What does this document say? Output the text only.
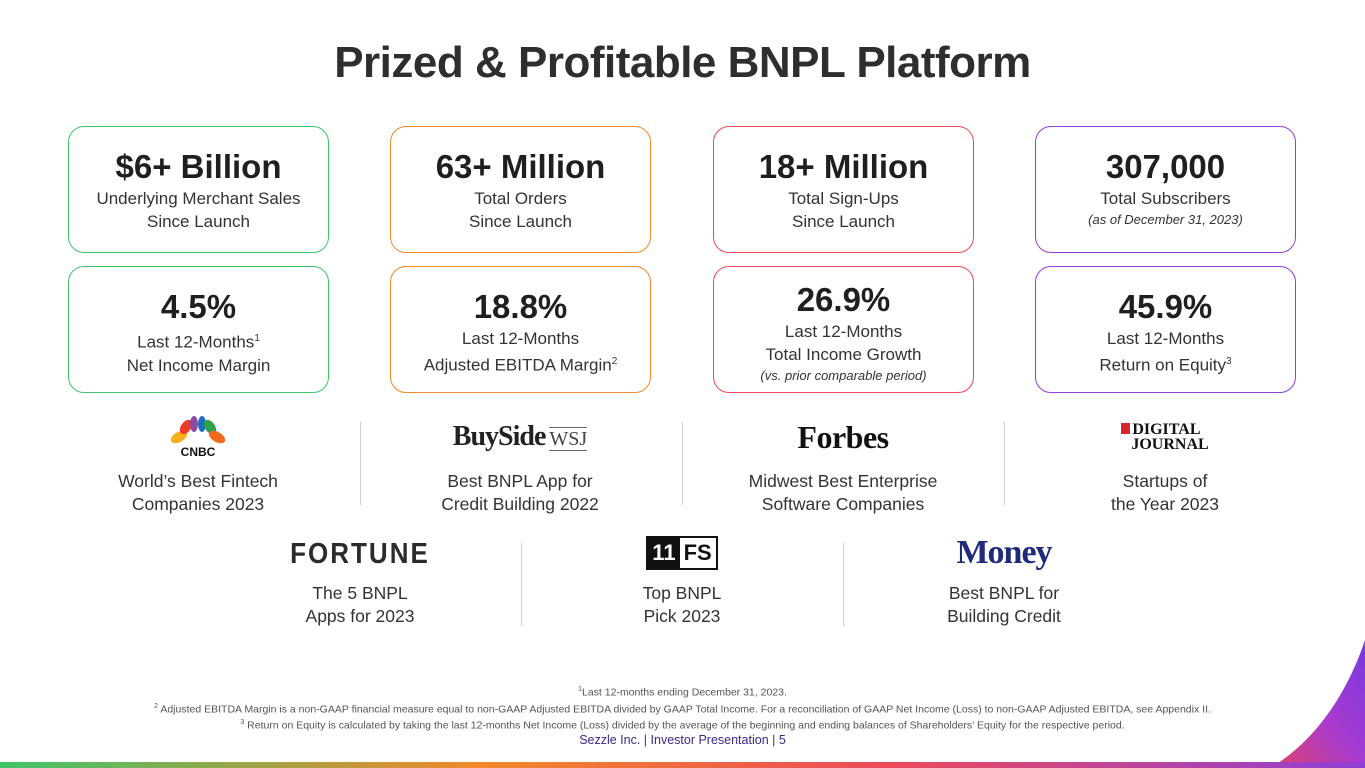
Prized & Profitable BNPL Platform
$6+ Billion
Underlying Merchant Sales
Since Launch
63+ Million
Total Orders
Since Launch
18+ Million
Total Sign-Ups
Since Launch
307,000
Total Subscribers
(as of December 31, 2023)
4.5%
Last 12-Months$^1$
Net Income Margin
18.8%
Last 12-Months
Adjusted EBITDA Margin$^2$
26.9%
Last 12-Months
Total Income Growth
(vs. prior comparable period)
45.9%
Last 12-Months
Return on Equity$^3$
CNBC
World’s Best Fintech
Companies 2023
BuySide WSJ
Best BNPL App for
Credit Building 2022
Forbes
Midwest Best Enterprise
Software Companies
DIGITAL
JOURNAL
Startups of
the Year 2023
FORTUNE
The 5 BNPL
Apps for 2023
11 FS
Top BNPL
Pick 2023
Money
Best BNPL for
Building Credit
$^1$Last 12-months ending December 31, 2023.
$^2$ Adjusted EBITDA Margin is a non-GAAP financial measure equal to non-GAAP Adjusted EBITDA divided by GAAP Total Income. For a reconciliation of GAAP Net Income (Loss) to non-GAAP Adjusted EBITDA, see Appendix II.
$^3$ Return on Equity is calculated by taking the last 12-months Net Income (Loss) divided by the average of the beginning and ending balances of Shareholders’ Equity for the respective period.
Sezzle Inc. | Investor Presentation | 5
